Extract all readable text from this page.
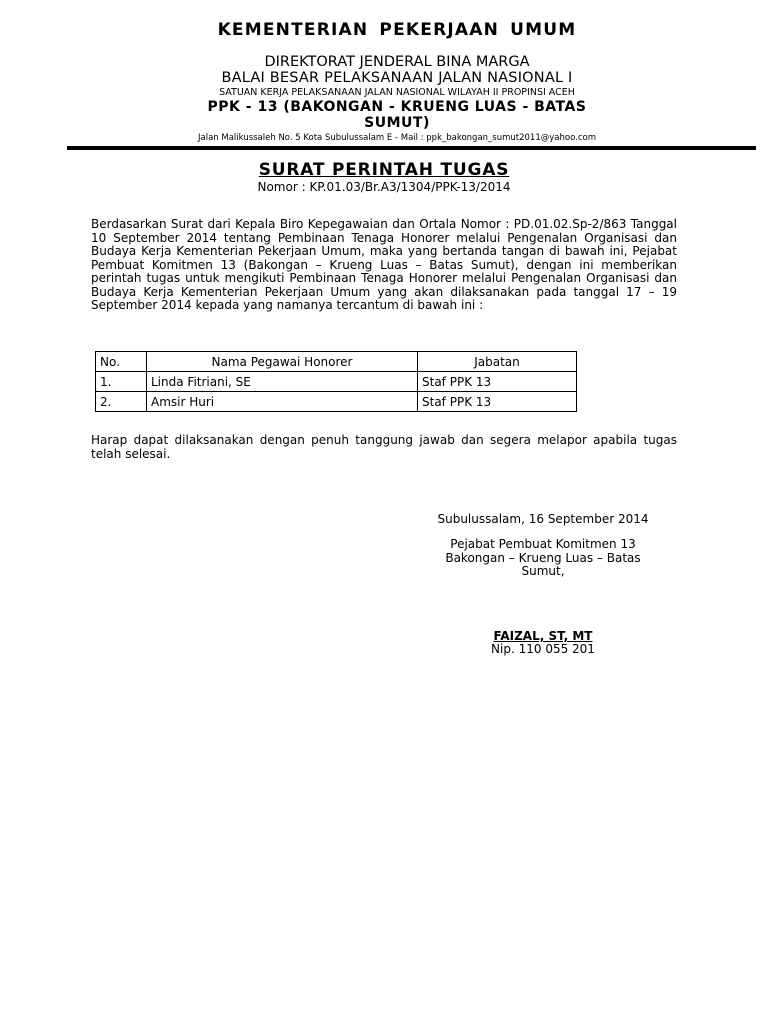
KEMENTERIAN PEKERJAAN UMUM
DIREKTORAT JENDERAL BINA MARGA
BALAI BESAR PELAKSANAAN JALAN NASIONAL I
SATUAN KERJA PELAKSANAAN JALAN NASIONAL WILAYAH II PROPINSI ACEH
PPK - 13 (BAKONGAN - KRUENG LUAS - BATAS
SUMUT)
Jalan Malikussaleh No. 5 Kota Subulussalam E - Mail : ppk_bakongan_sumut2011@yahoo.com
SURAT PERINTAH TUGAS
Nomor : KP.01.03/Br.A3/1304/PPK-13/2014
Berdasarkan Surat dari Kepala Biro Kepegawaian dan Ortala Nomor : PD.01.02.Sp-2/863 Tanggal 10 September 2014 tentang Pembinaan Tenaga Honorer melalui Pengenalan Organisasi dan Budaya Kerja Kementerian Pekerjaan Umum, maka yang bertanda tangan di bawah ini, Pejabat Pembuat Komitmen 13 (Bakongan – Krueng Luas – Batas Sumut), dengan ini memberikan perintah tugas untuk mengikuti Pembinaan Tenaga Honorer melalui Pengenalan Organisasi dan Budaya Kerja Kementerian Pekerjaan Umum yang akan dilaksanakan pada tanggal 17 – 19 September 2014 kepada yang namanya tercantum di bawah ini :
No.	Nama Pegawai Honorer	Jabatan
1.	Linda Fitriani, SE	Staf PPK 13
2.	Amsir Huri	Staf PPK 13
Harap dapat dilaksanakan dengan penuh tanggung jawab dan segera melapor apabila tugas telah selesai.
Subulussalam, 16 September 2014
Pejabat Pembuat Komitmen 13
Bakongan – Krueng Luas – Batas
Sumut,
FAIZAL, ST, MT
Nip. 110 055 201
